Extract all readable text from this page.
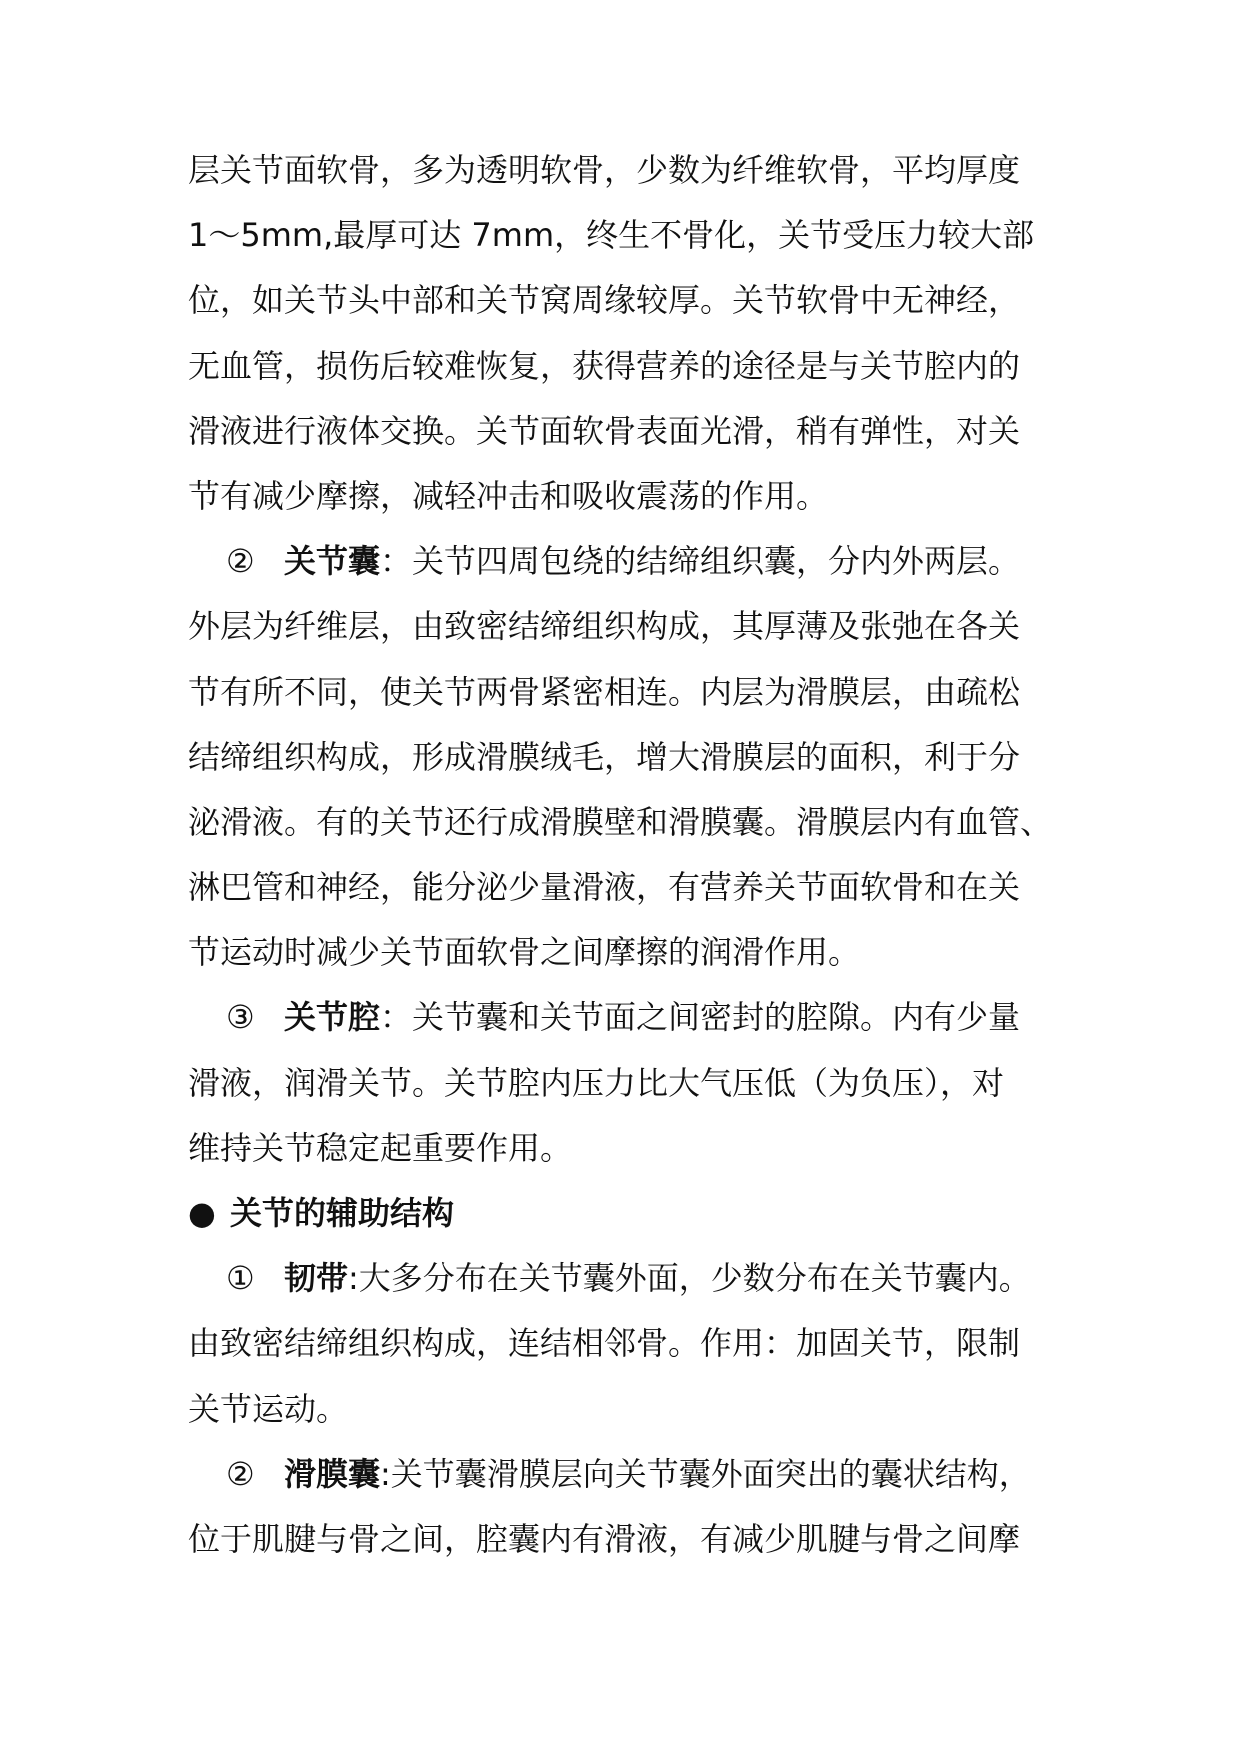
层关节面软骨，多为透明软骨，少数为纤维软骨，平均厚度
1～5mm,最厚可达 7mm，终生不骨化，关节受压力较大部
位，如关节头中部和关节窝周缘较厚。关节软骨中无神经，
无血管，损伤后较难恢复，获得营养的途径是与关节腔内的
滑液进行液体交换。关节面软骨表面光滑，稍有弹性，对关
节有减少摩擦，减轻冲击和吸收震荡的作用。
② 关节囊：关节四周包绕的结缔组织囊，分内外两层。
外层为纤维层，由致密结缔组织构成，其厚薄及张弛在各关
节有所不同，使关节两骨紧密相连。内层为滑膜层，由疏松
结缔组织构成，形成滑膜绒毛，增大滑膜层的面积，利于分
泌滑液。有的关节还行成滑膜壁和滑膜囊。滑膜层内有血管、
淋巴管和神经，能分泌少量滑液，有营养关节面软骨和在关
节运动时减少关节面软骨之间摩擦的润滑作用。
③ 关节腔：关节囊和关节面之间密封的腔隙。内有少量
滑液，润滑关节。关节腔内压力比大气压低（为负压），对
维持关节稳定起重要作用。
● 关节的辅助结构
① 韧带:大多分布在关节囊外面，少数分布在关节囊内。
由致密结缔组织构成，连结相邻骨。作用：加固关节，限制
关节运动。
② 滑膜囊:关节囊滑膜层向关节囊外面突出的囊状结构，
位于肌腱与骨之间，腔囊内有滑液，有减少肌腱与骨之间摩
